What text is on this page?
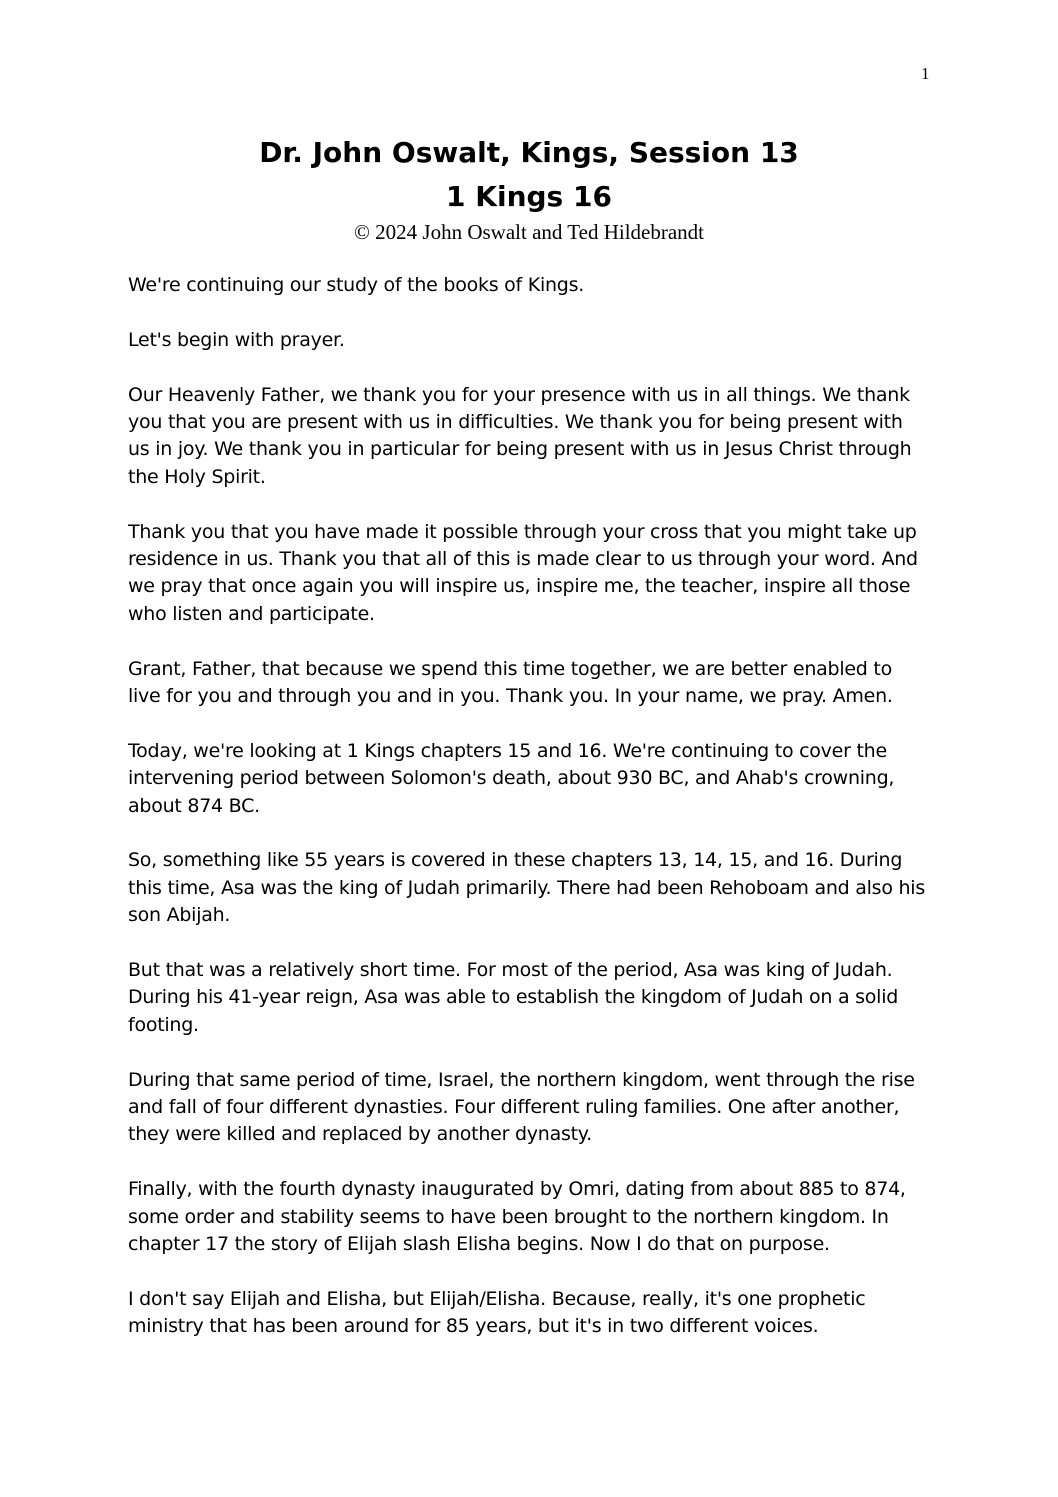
1
Dr. John Oswalt, Kings, Session 13
1 Kings 16
© 2024 John Oswalt and Ted Hildebrandt

We're continuing our study of the books of Kings.

Let's begin with prayer.

Our Heavenly Father, we thank you for your presence with us in all things. We thank you that you are present with us in difficulties. We thank you for being present with us in joy. We thank you in particular for being present with us in Jesus Christ through the Holy Spirit.

Thank you that you have made it possible through your cross that you might take up residence in us. Thank you that all of this is made clear to us through your word. And we pray that once again you will inspire us, inspire me, the teacher, inspire all those who listen and participate.

Grant, Father, that because we spend this time together, we are better enabled to live for you and through you and in you. Thank you. In your name, we pray. Amen.

Today, we're looking at 1 Kings chapters 15 and 16. We're continuing to cover the intervening period between Solomon's death, about 930 BC, and Ahab's crowning, about 874 BC.

So, something like 55 years is covered in these chapters 13, 14, 15, and 16. During this time, Asa was the king of Judah primarily. There had been Rehoboam and also his son Abijah.

But that was a relatively short time. For most of the period, Asa was king of Judah. During his 41-year reign, Asa was able to establish the kingdom of Judah on a solid footing.

During that same period of time, Israel, the northern kingdom, went through the rise and fall of four different dynasties. Four different ruling families. One after another, they were killed and replaced by another dynasty.

Finally, with the fourth dynasty inaugurated by Omri, dating from about 885 to 874, some order and stability seems to have been brought to the northern kingdom. In chapter 17 the story of Elijah slash Elisha begins. Now I do that on purpose.

I don't say Elijah and Elisha, but Elijah/Elisha. Because, really, it's one prophetic ministry that has been around for 85 years, but it's in two different voices.
